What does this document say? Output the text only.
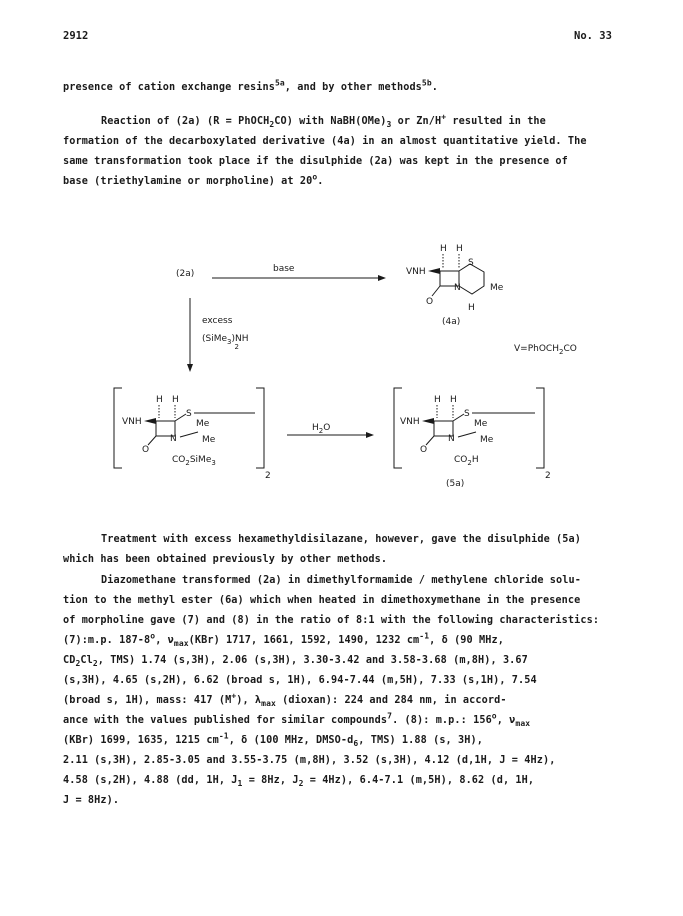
2912	No. 33
presence of cation exchange resins$^{5a}$, and by other methods$^{5b}$.
Reaction of (2a) (R = PhOCH$_2$CO) with $NaBH(OMe)_3$ or Zn/H+ resulted in the
formation of the decarboxylated derivative (4a) in an almost quantitative yield. The
same transformation took place if the disulphide (2a) was kept in the presence of
base (triethylamine or morpholine) at 20$^o$.
(2a)	base	VNH
H H
S
N
O
Me
H
(4a)
V=PhOCH$_2$CO
excess
(SiMe$_3$)NH 2
2
VNH
H H
S
N
Me
Me
O
$CO_2SiMe_3$
$H_2O$
2
VNH
H H
S
N
Me
Me
O
$CO_2H$
(5a)
Treatment with excess hexamethyldisilazane, however, gave the disulphide (5a)
which has been obtained previously by other methods.
Diazomethane transformed (2a) in dimethylformamide / methylene chloride solu-
tion to the methyl ester (6a) which when heated in dimethoxymethane in the presence
of morpholine gave (7) and (8) in the ratio of 8:1 with the following characteristics:
(7):m.p. 187-8$^o$, $\nu_{max}(KBr)$ 1717, 1661, 1592, 1490, 1232 $cm^{-1}$, δ (90 MHz,
$CD_2Cl_2$, TMS) 1.74 (s,3H), 2.06 (s,3H), 3.30-3.42 and 3.58-3.68 (m,8H), 3.67
(s,3H), 4.65 (s,2H), 6.62 (broad s, 1H), 6.94-7.44 (m,5H), 7.33 (s,1H), 7.54
(broad s, 1H), mass: 417 (M+), $\lambda_{max}$ (dioxan): 224 and 284 nm, in accord-
ance with the values published for similar compounds$^7$. (8): m.p.: 156$^o$, $\nu_{max}$
(KBr) 1699, 1635, 1215 $cm^{-1}$, δ (100 MHz, DMSO-$d_6$, TMS) 1.88 (s, 3H),
2.11 (s,3H), 2.85-3.05 and 3.55-3.75 (m,8H), 3.52 (s,3H), 4.12 (d,1H, J = 4Hz),
4.58 (s,2H), 4.88 (dd, 1H, $J_1 = 8Hz$, $J_2 = 4Hz$), 6.4-7.1 (m,5H), 8.62 (d, 1H,
J = 8Hz).
